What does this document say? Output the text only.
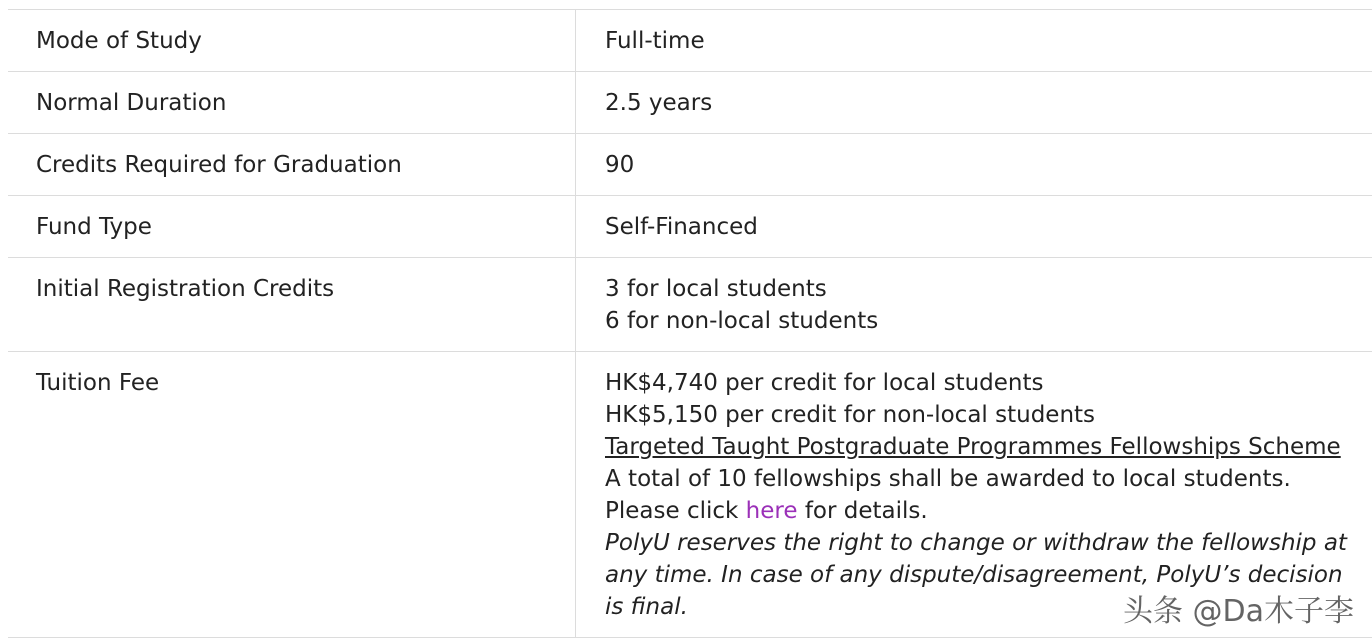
Mode of Study	Full-time
Normal Duration	2.5 years
Credits Required for Graduation	90
Fund Type	Self-Financed
Initial Registration Credits	3 for local students
6 for non-local students

Tuition Fee	HK$4,740 per credit for local students
HK$5,150 per credit for non-local students
Targeted Taught Postgraduate Programmes Fellowships Scheme
A total of 10 fellowships shall be awarded to local students. Please click here for details.
PolyU reserves the right to change or withdraw the fellowship at any time. In case of any dispute/disagreement, PolyU’s decision is final.	头条 @Da木子李
